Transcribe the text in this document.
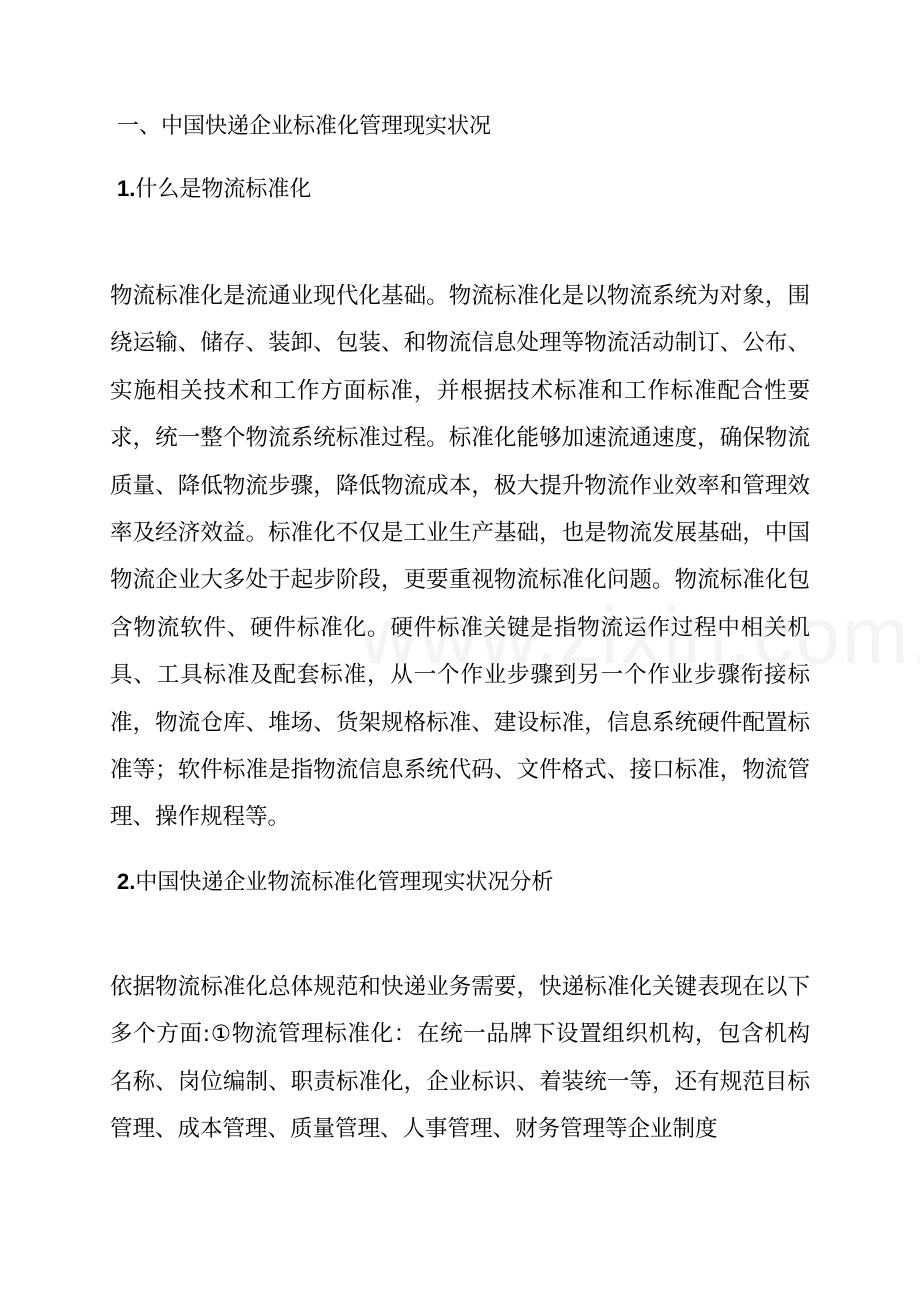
一、中国快递企业标准化管理现实状况
1.什么是物流标准化

物流标准化是流通业现代化基础。物流标准化是以物流系统为对象，围绕运输、储存、装卸、包装、和物流信息处理等物流活动制订、公布、实施相关技术和工作方面标准，并根据技术标准和工作标准配合性要求，统一整个物流系统标准过程。标准化能够加速流通速度，确保物流质量、降低物流步骤，降低物流成本，极大提升物流作业效率和管理效率及经济效益。标准化不仅是工业生产基础，也是物流发展基础，中国物流企业大多处于起步阶段，更要重视物流标准化问题。物流标准化包含物流软件、硬件标准化。硬件标准关键是指物流运作过程中相关机具、工具标准及配套标准，从一个作业步骤到另一个作业步骤衔接标准，物流仓库、堆场、货架规格标准、建设标准，信息系统硬件配置标准等；软件标准是指物流信息系统代码、文件格式、接口标准，物流管理、操作规程等。

2.中国快递企业物流标准化管理现实状况分析

依据物流标准化总体规范和快递业务需要，快递标准化关键表现在以下多个方面:①物流管理标准化：在统一品牌下设置组织机构，包含机构名称、岗位编制、职责标准化，企业标识、着装统一等，还有规范目标管理、成本管理、质量管理、人事管理、财务管理等企业制度
